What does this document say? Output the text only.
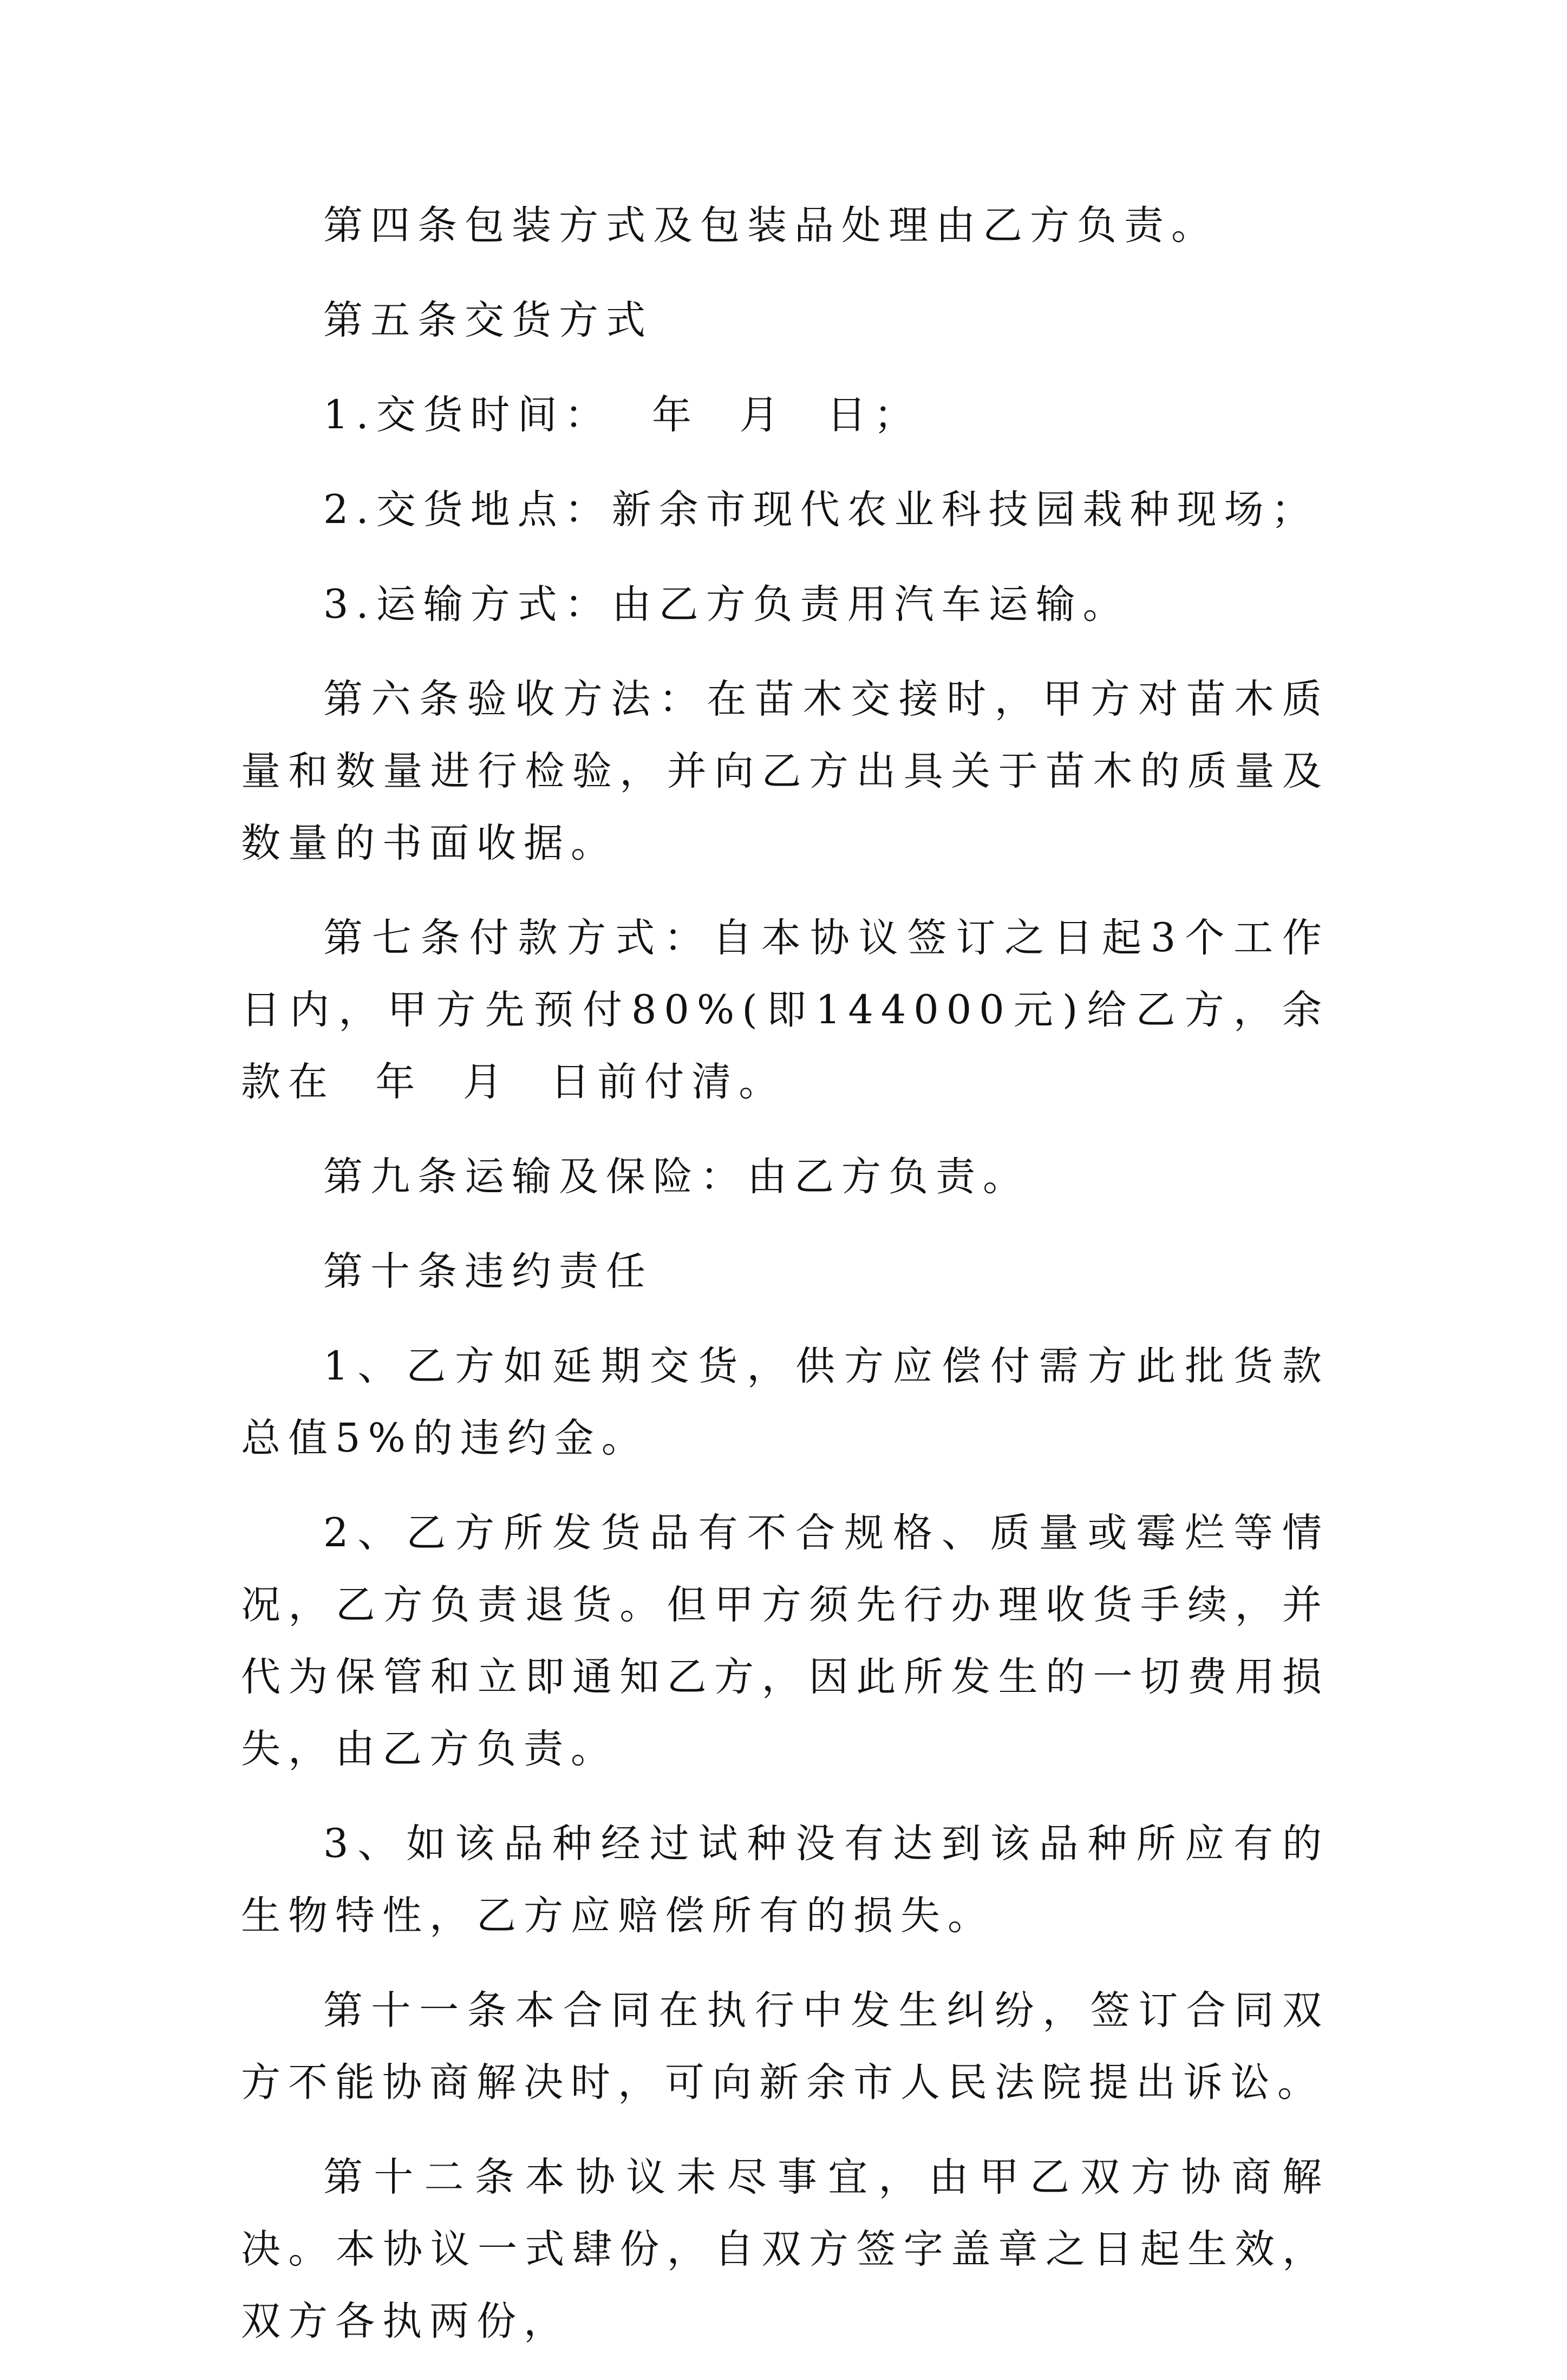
第四条包装方式及包装品处理由乙方负责。

第五条交货方式

1.交货时间：  年  月  日；

2.交货地点：新余市现代农业科技园栽种现场；

3.运输方式：由乙方负责用汽车运输。

第六条验收方法：在苗木交接时，甲方对苗木质量和数量进行检验，并向乙方出具关于苗木的质量及数量的书面收据。

第七条付款方式：自本协议签订之日起3个工作日内，甲方先预付80%(即144000元)给乙方，余款在  年  月  日前付清。

第九条运输及保险：由乙方负责。

第十条违约责任

1、乙方如延期交货，供方应偿付需方此批货款总值5%的违约金。

2、乙方所发货品有不合规格、质量或霉烂等情况，乙方负责退货。但甲方须先行办理收货手续，并代为保管和立即通知乙方，因此所发生的一切费用损失，由乙方负责。

3、如该品种经过试种没有达到该品种所应有的生物特性，乙方应赔偿所有的损失。

第十一条本合同在执行中发生纠纷，签订合同双方不能协商解决时，可向新余市人民法院提出诉讼。

第十二条本协议未尽事宜，由甲乙双方协商解决。本协议一式肆份，自双方签字盖章之日起生效，双方各执两份，
